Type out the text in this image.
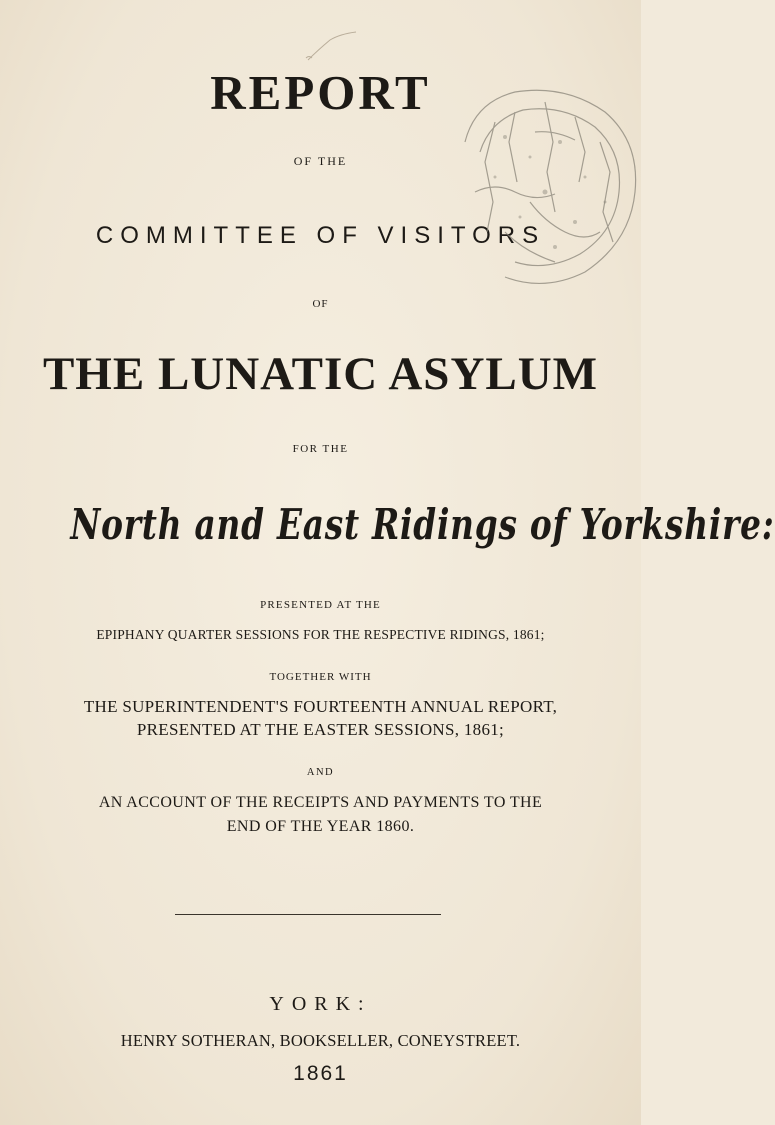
REPORT
OF THE
COMMITTEE OF VISITORS
OF
THE LUNATIC ASYLUM
FOR THE
North and East Ridings of Yorkshire:
PRESENTED AT THE
EPIPHANY QUARTER SESSIONS FOR THE RESPECTIVE RIDINGS, 1861;
TOGETHER WITH
THE SUPERINTENDENT'S FOURTEENTH ANNUAL REPORT,
PRESENTED AT THE EASTER SESSIONS, 1861;
AND
AN ACCOUNT OF THE RECEIPTS AND PAYMENTS TO THE
END OF THE YEAR 1860.
YORK:
HENRY SOTHERAN, BOOKSELLER, CONEYSTREET.
1861
